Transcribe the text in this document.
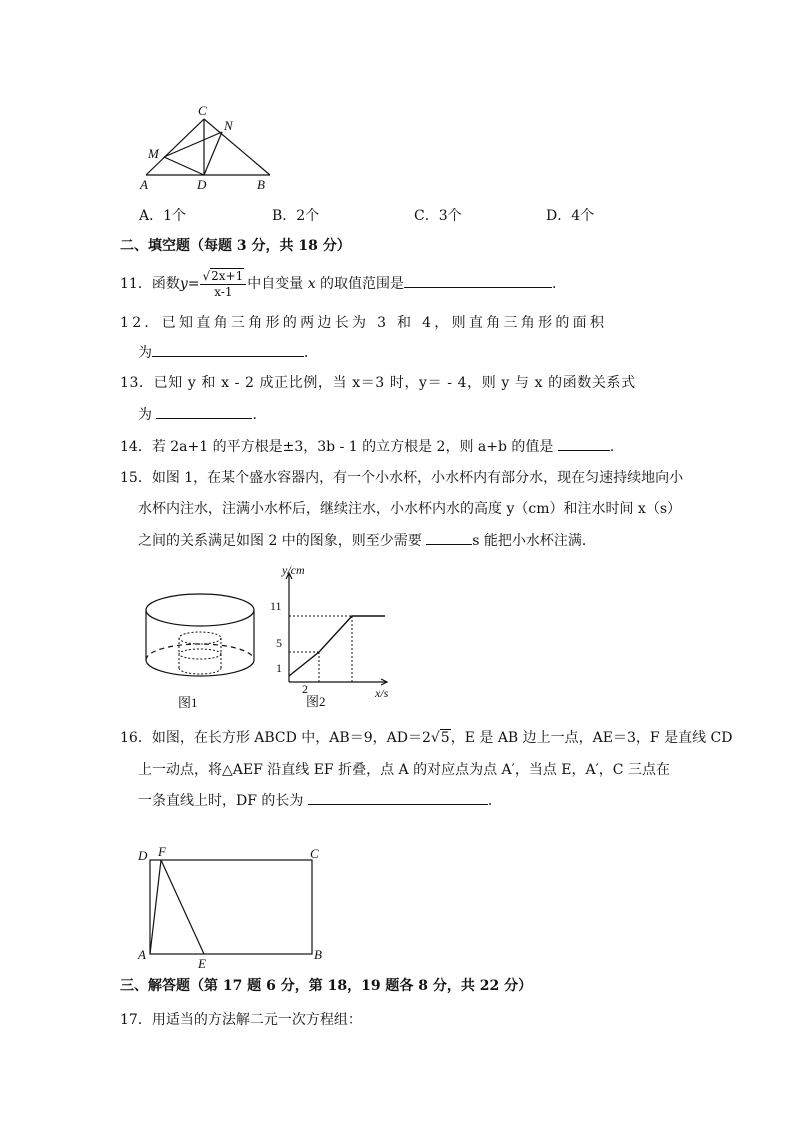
C
N
M
A	D	B
A．1个	B．2个	C．3个	D．4个
二、填空题（每题 3 分，共 18 分）
11．函数$y= \frac{√2x+1}{x-1}$ 中自变量 x 的取值范围是	．
12．已知直角三角形的两边长为 3 和 4，则直角三角形的面积
为	．
13．已知 y 和 x - 2 成正比例，当 x＝3 时，y＝ - 4，则 y 与 x 的函数关系式
为	．
14．若 2a+1 的平方根是±3，3b - 1 的立方根是 2，则 a+b 的值是	．
15．如图 1，在某个盛水容器内，有一个小水杯，小水杯内有部分水，现在匀速持续地向小
水杯内注水，注满小水杯后，继续注水，小水杯内水的高度 y（cm）和注水时间 x（s）
之间的关系满足如图 2 中的图象，则至少需要	s 能把小水杯注满．
图1
y/cm
x/s
11
5
1
2
图2
16．如图，在长方形 ABCD 中，AB＝9，AD＝2√5，E 是 AB 边上一点，AE＝3，F 是直线 CD
上一动点，将△AEF 沿直线 EF 折叠，点 A 的对应点为点 A′，当点 E，A′，C 三点在
一条直线上时，DF 的长为	．
D F	C
A
E
B
三、解答题（第 17 题 6 分，第 18，19 题各 8 分，共 22 分）
17．用适当的方法解二元一次方程组：
